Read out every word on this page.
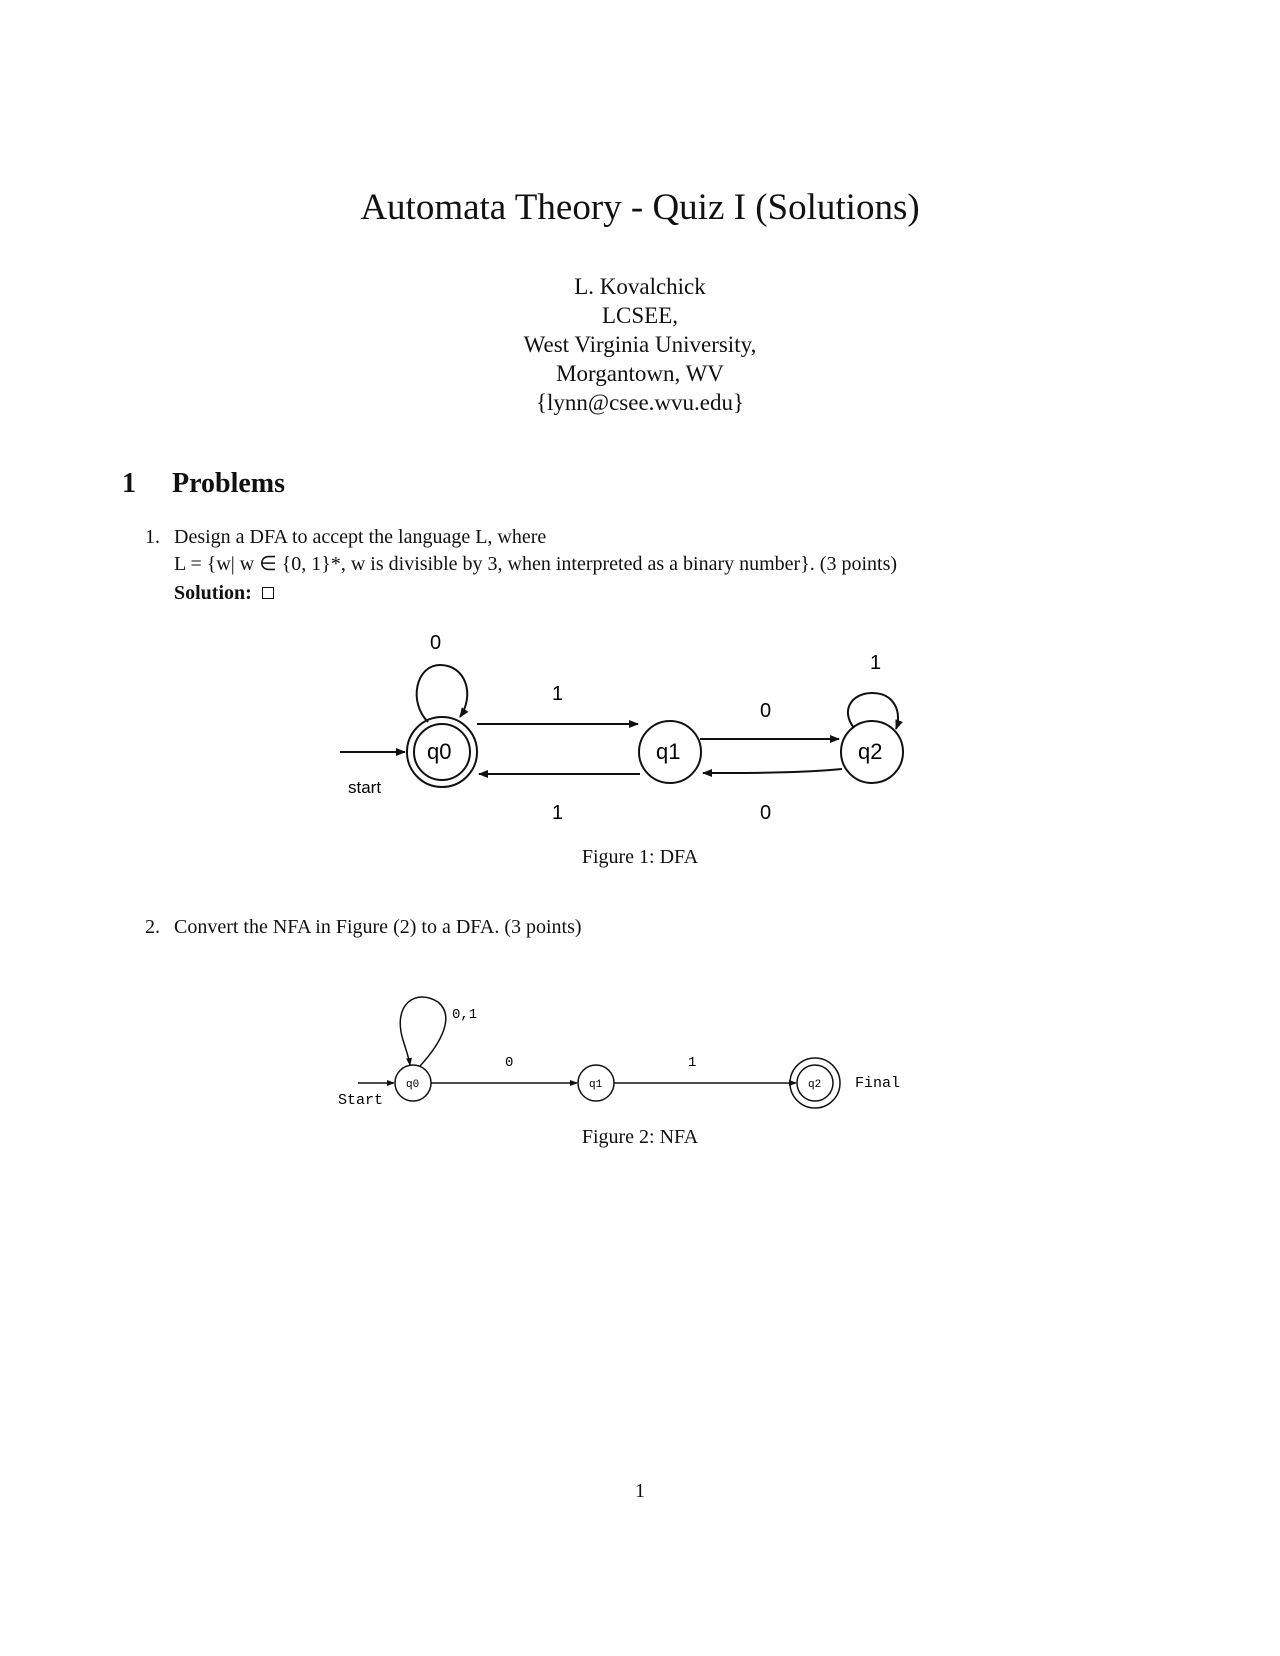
Automata Theory - Quiz I (Solutions)
L. Kovalchick
LCSEE,
West Virginia University,
Morgantown, WV
{lynn@csee.wvu.edu}
1 Problems
1. Design a DFA to accept the language L, where
L = {w| w ∈ {0, 1}*, w is divisible by 3, when interpreted as a binary number}. (3 points)
Solution:
start
q0
0
q1
1
1
q2
0
0
1
Figure 1: DFA
2. Convert the NFA in Figure (2) to a DFA. (3 points)
Start
q0
0,1
q1
0
q2
1
Final
Figure 2: NFA
1
